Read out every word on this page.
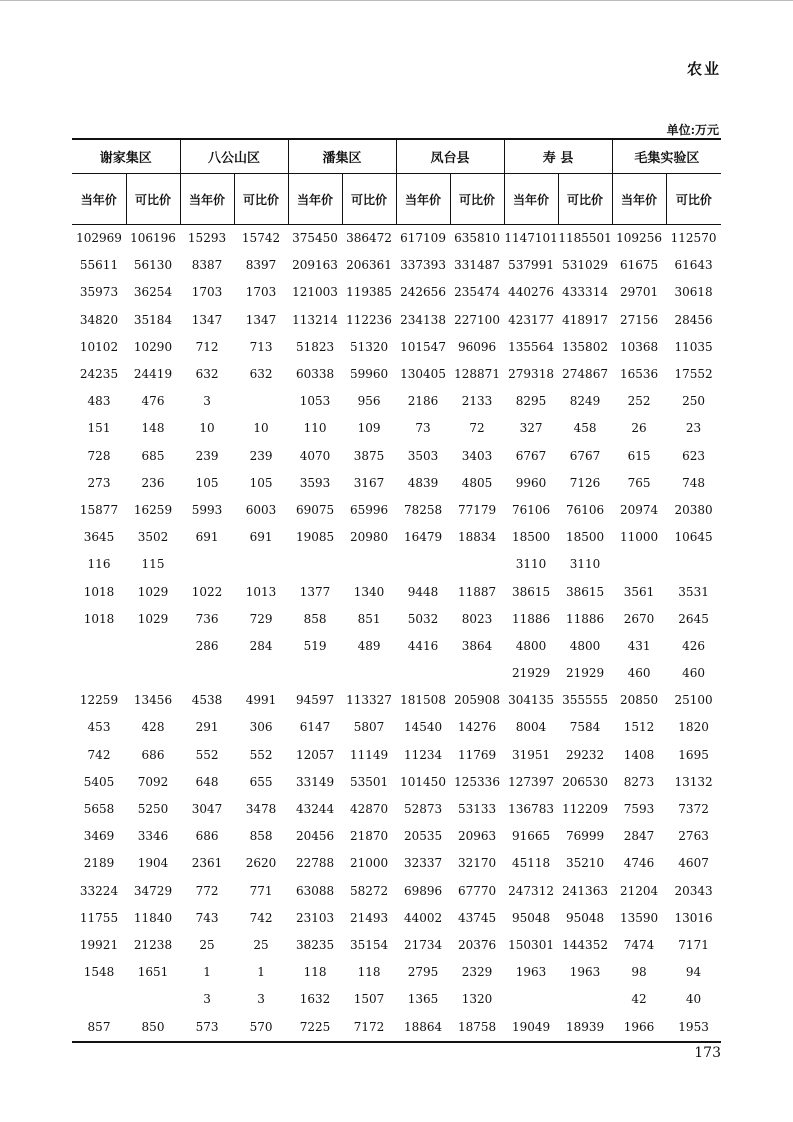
农业
单位:万元
谢家集区		八公山区		潘集区		凤台县		寿 县		毛集实验区	
当年价	可比价	当年价	可比价	当年价	可比价	当年价	可比价	当年价	可比价	当年价	可比价
102969	106196	15293	15742	375450	386472	617109	635810	1147101	1185501	109256	112570
55611	56130	8387	8397	209163	206361	337393	331487	537991	531029	61675	61643
35973	36254	1703	1703	121003	119385	242656	235474	440276	433314	29701	30618
34820	35184	1347	1347	113214	112236	234138	227100	423177	418917	27156	28456
10102	10290	712	713	51823	51320	101547	96096	135564	135802	10368	11035
24235	24419	632	632	60338	59960	130405	128871	279318	274867	16536	17552
483	476	3		1053	956	2186	2133	8295	8249	252	250
151	148	10	10	110	109	73	72	327	458	26	23
728	685	239	239	4070	3875	3503	3403	6767	6767	615	623
273	236	105	105	3593	3167	4839	4805	9960	7126	765	748
15877	16259	5993	6003	69075	65996	78258	77179	76106	76106	20974	20380
3645	3502	691	691	19085	20980	16479	18834	18500	18500	11000	10645
116	115							3110	3110		
1018	1029	1022	1013	1377	1340	9448	11887	38615	38615	3561	3531
1018	1029	736	729	858	851	5032	8023	11886	11886	2670	2645
		286	284	519	489	4416	3864	4800	4800	431	426
								21929	21929	460	460
12259	13456	4538	4991	94597	113327	181508	205908	304135	355555	20850	25100
453	428	291	306	6147	5807	14540	14276	8004	7584	1512	1820
742	686	552	552	12057	11149	11234	11769	31951	29232	1408	1695
5405	7092	648	655	33149	53501	101450	125336	127397	206530	8273	13132
5658	5250	3047	3478	43244	42870	52873	53133	136783	112209	7593	7372
3469	3346	686	858	20456	21870	20535	20963	91665	76999	2847	2763
2189	1904	2361	2620	22788	21000	32337	32170	45118	35210	4746	4607
33224	34729	772	771	63088	58272	69896	67770	247312	241363	21204	20343
11755	11840	743	742	23103	21493	44002	43745	95048	95048	13590	13016
19921	21238	25	25	38235	35154	21734	20376	150301	144352	7474	7171
1548	1651	1	1	118	118	2795	2329	1963	1963	98	94
		3	3	1632	1507	1365	1320			42	40
857	850	573	570	7225	7172	18864	18758	19049	18939	1966	1953
173
